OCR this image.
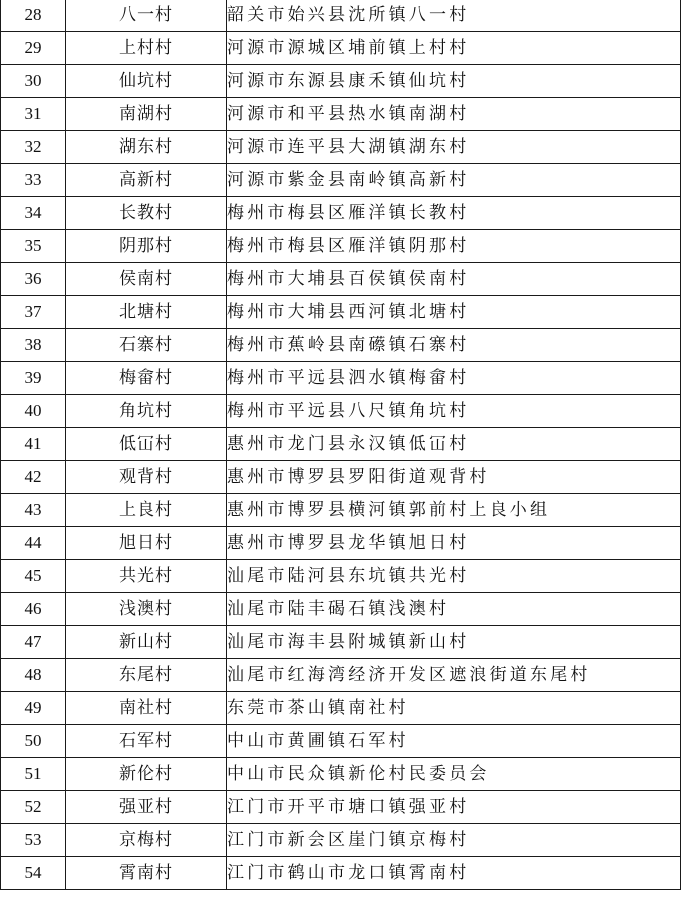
28	八一村	韶关市始兴县沈所镇八一村
29	上村村	河源市源城区埔前镇上村村
30	仙坑村	河源市东源县康禾镇仙坑村
31	南湖村	河源市和平县热水镇南湖村
32	湖东村	河源市连平县大湖镇湖东村
33	高新村	河源市紫金县南岭镇高新村
34	长教村	梅州市梅县区雁洋镇长教村
35	阴那村	梅州市梅县区雁洋镇阴那村
36	侯南村	梅州市大埔县百侯镇侯南村
37	北塘村	梅州市大埔县西河镇北塘村
38	石寨村	梅州市蕉岭县南礤镇石寨村
39	梅畲村	梅州市平远县泗水镇梅畲村
40	角坑村	梅州市平远县八尺镇角坑村
41	低冚村	惠州市龙门县永汉镇低冚村
42	观背村	惠州市博罗县罗阳街道观背村
43	上良村	惠州市博罗县横河镇郭前村上良小组
44	旭日村	惠州市博罗县龙华镇旭日村
45	共光村	汕尾市陆河县东坑镇共光村
46	浅澳村	汕尾市陆丰碣石镇浅澳村
47	新山村	汕尾市海丰县附城镇新山村
48	东尾村	汕尾市红海湾经济开发区遮浪街道东尾村
49	南社村	东莞市茶山镇南社村
50	石军村	中山市黄圃镇石军村
51	新伦村	中山市民众镇新伦村民委员会
52	强亚村	江门市开平市塘口镇强亚村
53	京梅村	江门市新会区崖门镇京梅村
54	霄南村	江门市鹤山市龙口镇霄南村
